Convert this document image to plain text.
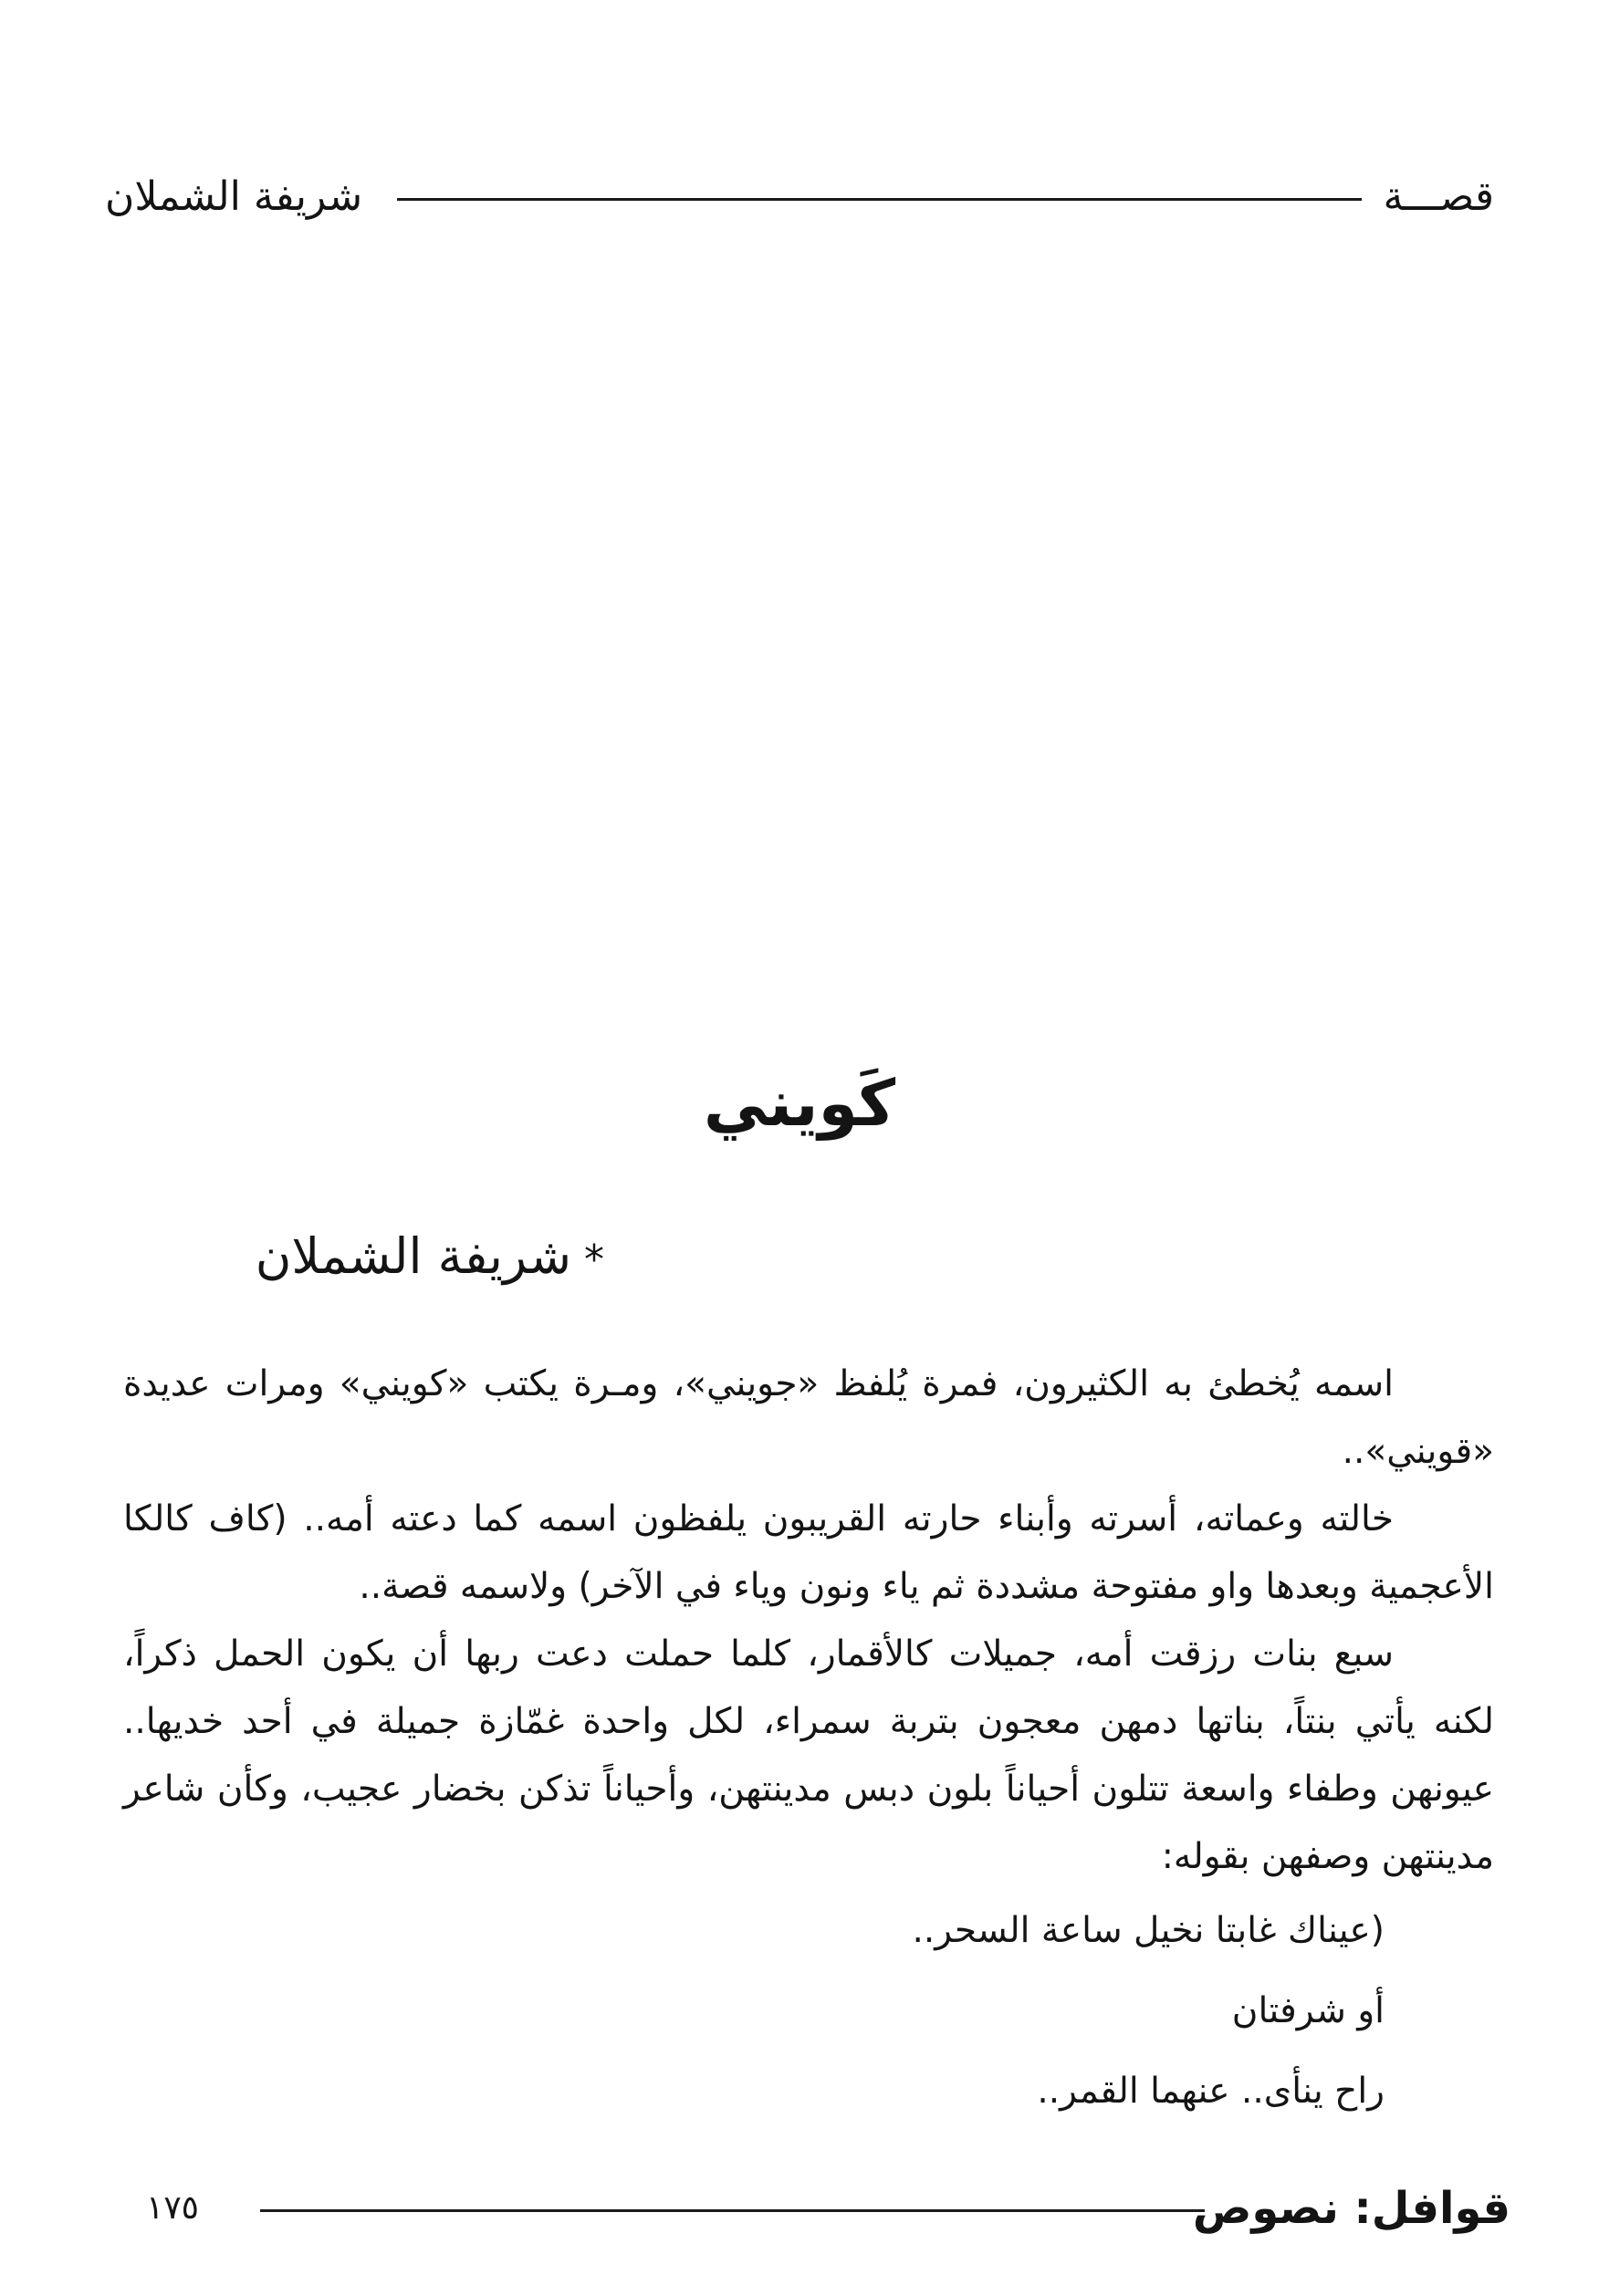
شريفة الشملان	قصـــة
كَويني
شريفة الشملان *

اسمه يُخطئ به الكثيرون، فمرة يُلفظ «جويني»، ومـرة يكتب «كويني» ومرات عديدة «قويني»..

خالته وعماته، أسرته وأبناء حارته القريبون يلفظون اسمه كما دعته أمه.. (كاف كالكا الأعجمية وبعدها واو مفتوحة مشددة ثم ياء ونون وياء في الآخر) ولاسمه قصة..

سبع بنات رزقت أمه، جميلات كالأقمار، كلما حملت دعت ربها أن يكون الحمل ذكراً، لكنه يأتي بنتاً، بناتها دمهن معجون بتربة سمراء، لكل واحدة غمّازة جميلة في أحد خديها.. عيونهن وطفاء واسعة تتلون أحياناً بلون دبس مدينتهن، وأحياناً تذكن بخضار عجيب، وكأن شاعر مدينتهن وصفهن بقوله:

(عيناك غابتا نخيل ساعة السحر..
أو شرفتان
راح ينأى.. عنهما القمر..
١٧٥	قوافل: نصوص
